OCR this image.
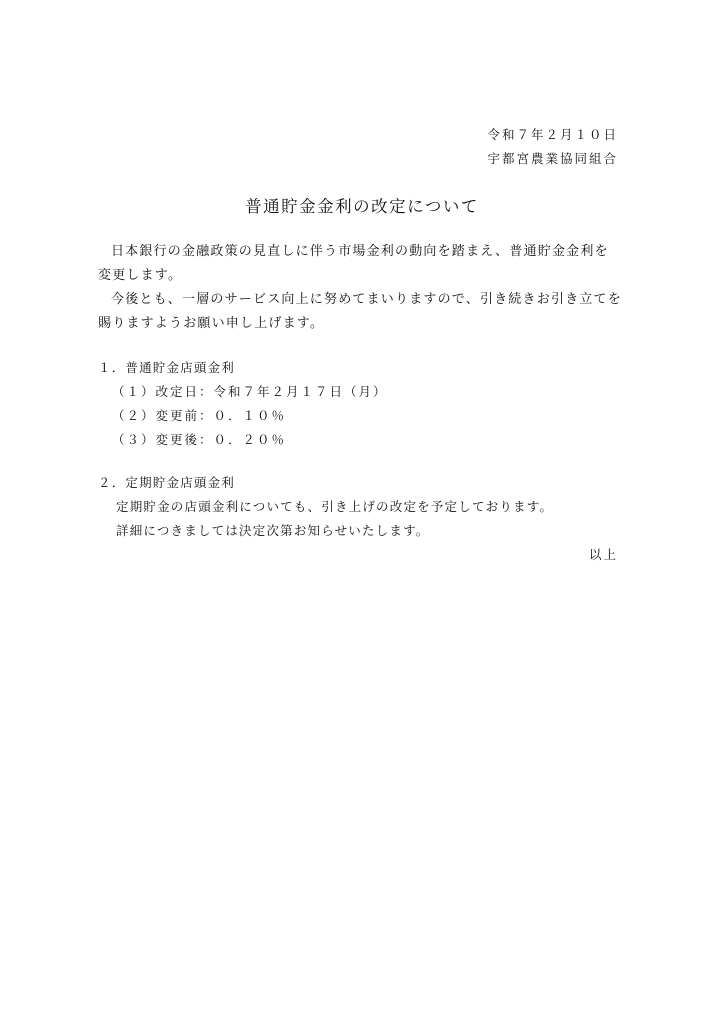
令和７年２月１０日
宇都宮農業協同組合
普通貯金金利の改定について
日本銀行の金融政策の見直しに伴う市場金利の動向を踏まえ、普通貯金金利を
変更します。
今後とも、一層のサービス向上に努めてまいりますので、引き続きお引き立てを
賜りますようお願い申し上げます。
１．普通貯金店頭金利
（１）改定日：令和７年２月１７日（月）
（２）変更前：０．１０％
（３）変更後：０．２０％
２．定期貯金店頭金利
定期貯金の店頭金利についても、引き上げの改定を予定しております。
詳細につきましては決定次第お知らせいたします。
以上
